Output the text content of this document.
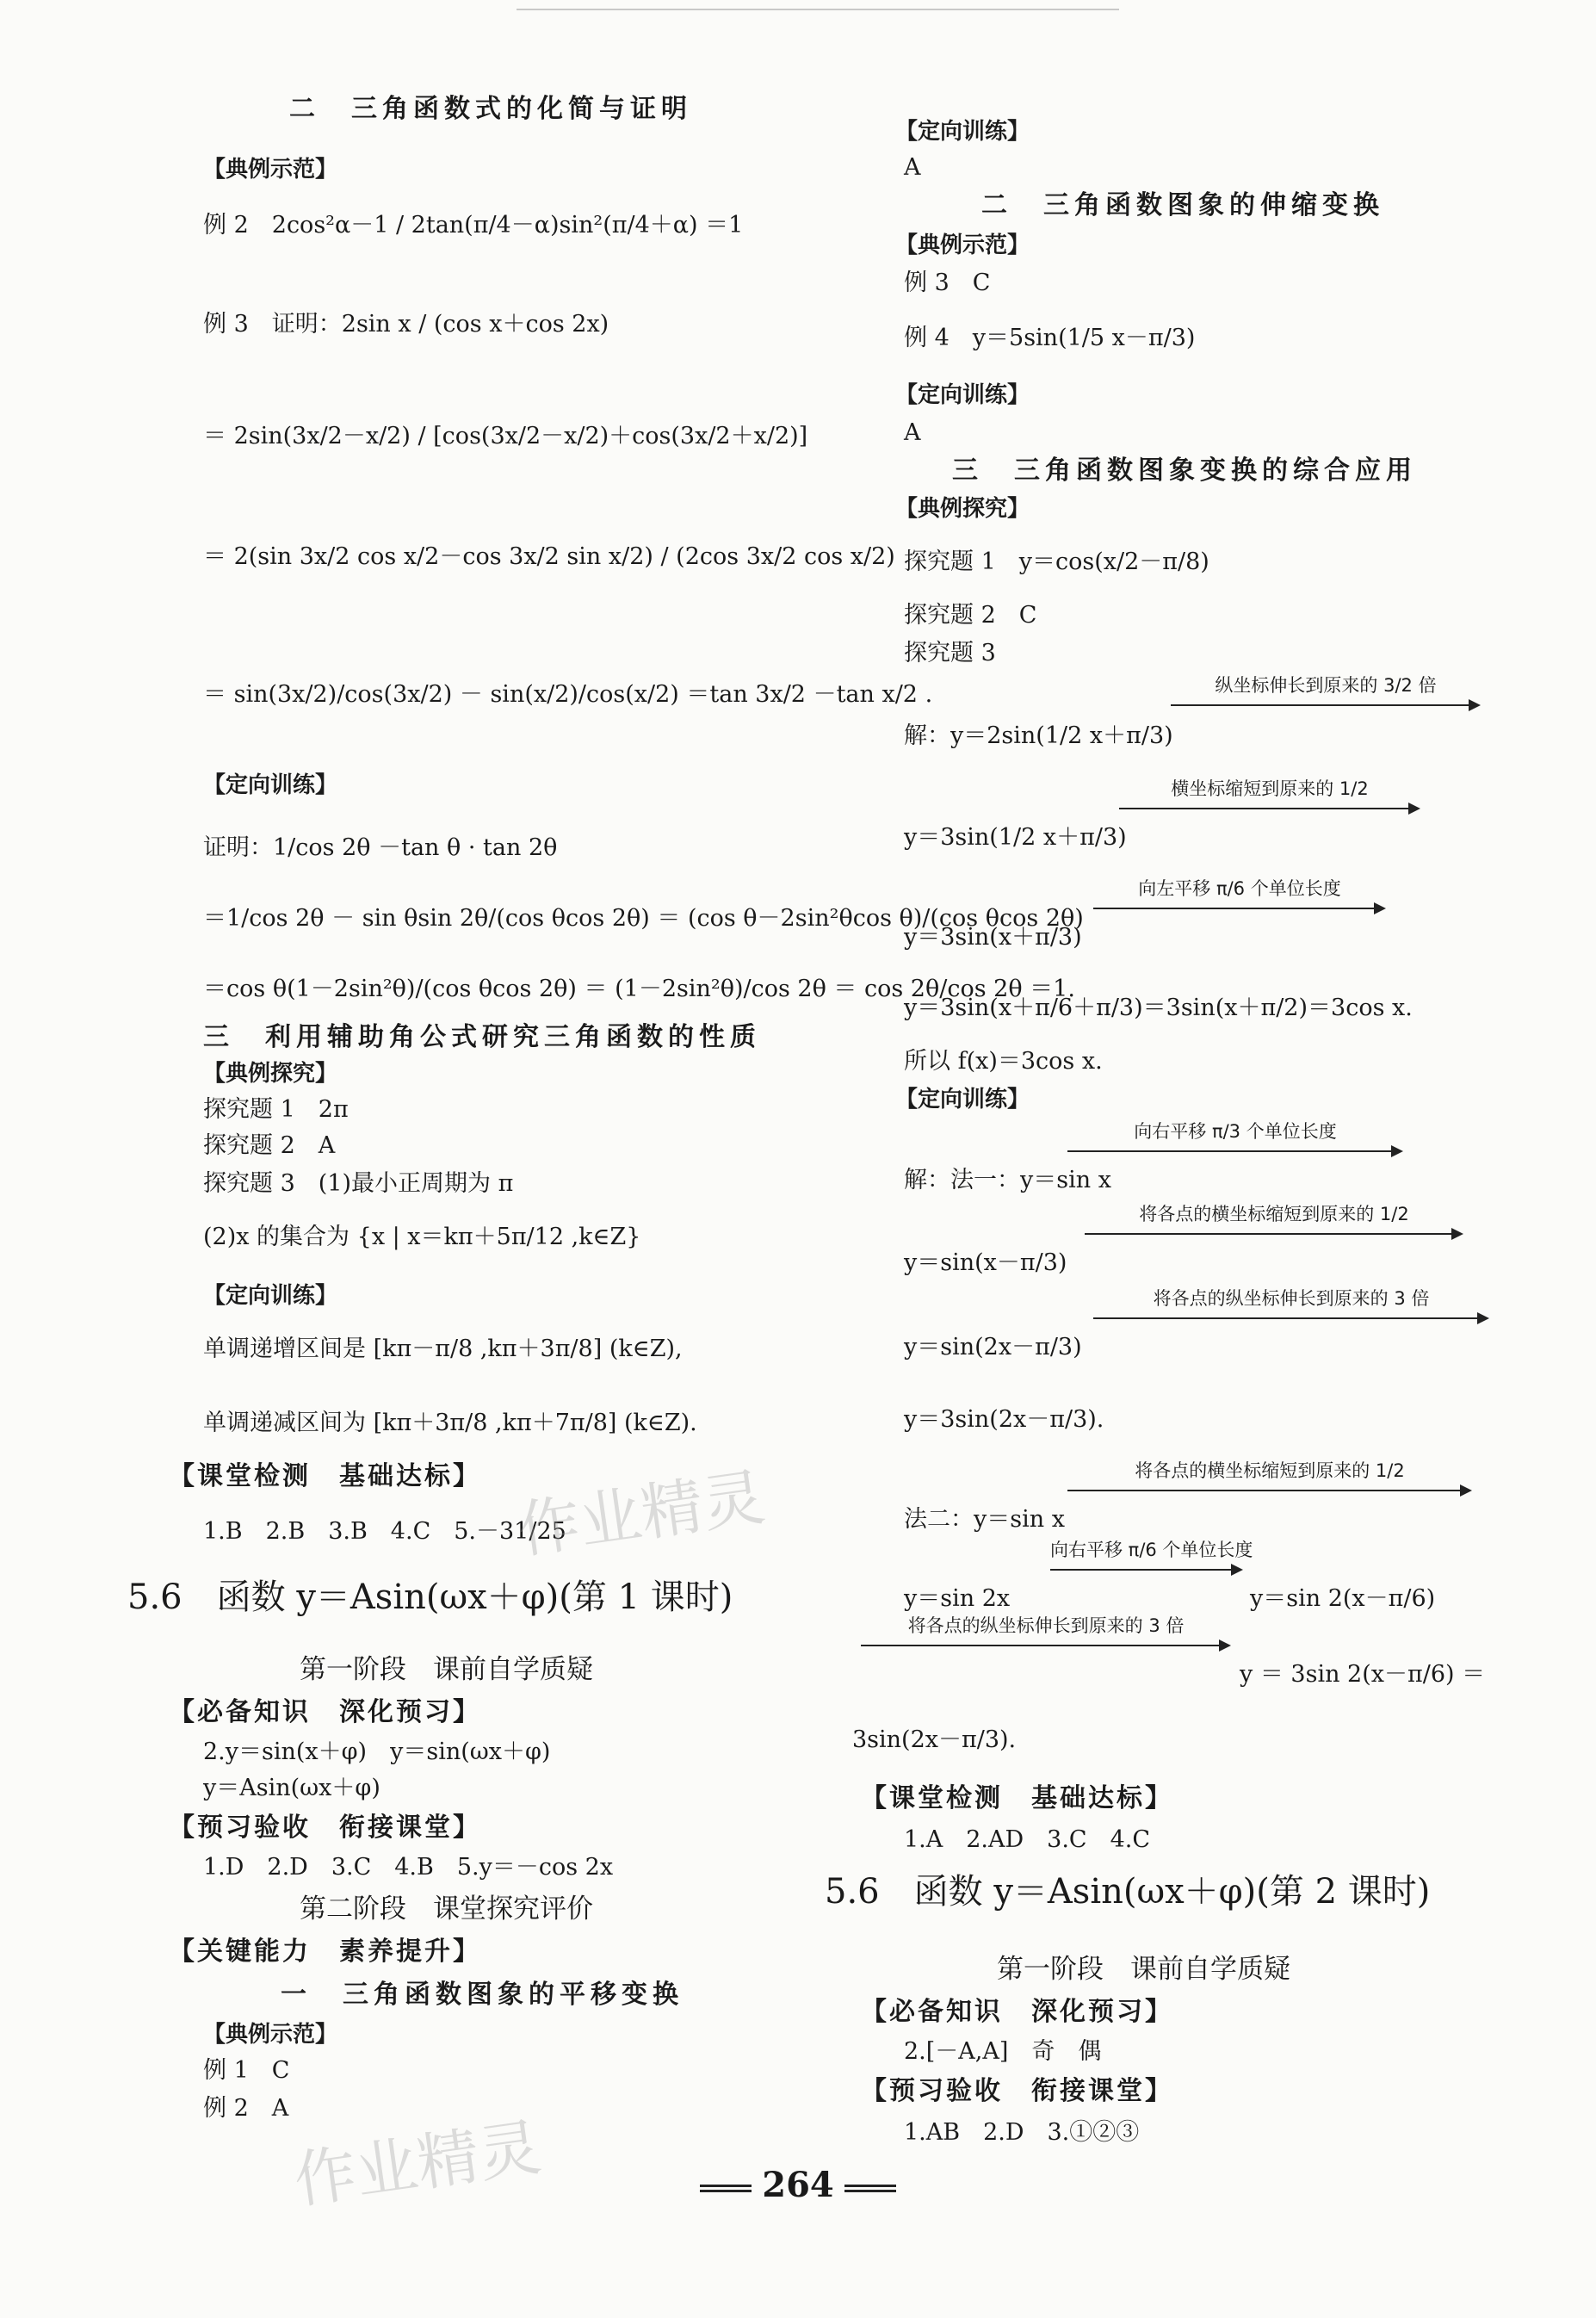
二　三角函数式的化简与证明
【典例示范】
例 2　2cos²α－1 / 2tan(π/4－α)sin²(π/4＋α) ＝1
例 3　证明：2sin x / (cos x＋cos 2x)
＝ 2sin(3x/2－x/2) / [cos(3x/2－x/2)＋cos(3x/2＋x/2)]
＝ 2(sin 3x/2 cos x/2－cos 3x/2 sin x/2) / (2cos 3x/2 cos x/2)
＝ sin(3x/2)/cos(3x/2) － sin(x/2)/cos(x/2) ＝tan 3x/2 －tan x/2 .
【定向训练】
证明：1/cos 2θ －tan θ · tan 2θ
＝1/cos 2θ － sin θsin 2θ/(cos θcos 2θ) ＝ (cos θ－2sin²θcos θ)/(cos θcos 2θ)
＝cos θ(1－2sin²θ)/(cos θcos 2θ) ＝ (1－2sin²θ)/cos 2θ ＝ cos 2θ/cos 2θ ＝1.
三　利用辅助角公式研究三角函数的性质
【典例探究】
探究题 1　2π
探究题 2　A
探究题 3　(1)最小正周期为 π
(2)x 的集合为 {x | x＝kπ＋5π/12 ,k∈Z}
【定向训练】
单调递增区间是 [kπ－π/8 ,kπ＋3π/8] (k∈Z),
单调递减区间为 [kπ＋3π/8 ,kπ＋7π/8] (k∈Z).
【课堂检测　基础达标】
1.B　2.B　3.B　4.C　5.－31/25
5.6　函数 y＝Asin(ωx＋φ)(第 1 课时)
第一阶段　课前自学质疑
【必备知识　深化预习】
2.y＝sin(x＋φ)　y＝sin(ωx＋φ)
y＝Asin(ωx＋φ)
【预习验收　衔接课堂】
1.D　2.D　3.C　4.B　5.y＝－cos 2x
第二阶段　课堂探究评价
【关键能力　素养提升】
一　三角函数图象的平移变换
【典例示范】
例 1　C
例 2　A
【定向训练】
A
二　三角函数图象的伸缩变换
【典例示范】
例 3　C
例 4　y＝5sin(1/5 x－π/3)
【定向训练】
A
三　三角函数图象变换的综合应用
【典例探究】
探究题 1　y＝cos(x/2－π/8)
探究题 2　C
探究题 3
解：y＝2sin(1/2 x＋π/3)
y＝3sin(1/2 x＋π/3)
y＝3sin(x＋π/3)
y＝3sin(x＋π/6＋π/3)＝3sin(x＋π/2)＝3cos x.
所以 f(x)＝3cos x.
【定向训练】
解：法一：y＝sin x
y＝sin(x－π/3)
y＝sin(2x－π/3)
y＝3sin(2x－π/3).
法二：y＝sin x
y＝sin 2x	y＝sin 2(x－π/6)
y ＝ 3sin 2(x－π/6) ＝
3sin(2x－π/3).
【课堂检测　基础达标】
1.A　2.AD　3.C　4.C
5.6　函数 y＝Asin(ωx＋φ)(第 2 课时)
第一阶段　课前自学质疑
【必备知识　深化预习】
2.[－A,A]　奇　偶
【预习验收　衔接课堂】
1.AB　2.D　3.①②③
纵坐标伸长到原来的 3/2 倍
横坐标缩短到原来的 1/2
向左平移 π/6 个单位长度
向右平移 π/3 个单位长度
将各点的横坐标缩短到原来的 1/2
将各点的纵坐标伸长到原来的 3 倍
将各点的横坐标缩短到原来的 1/2
向右平移 π/6 个单位长度
将各点的纵坐标伸长到原来的 3 倍
作业精灵
作业精灵
264
